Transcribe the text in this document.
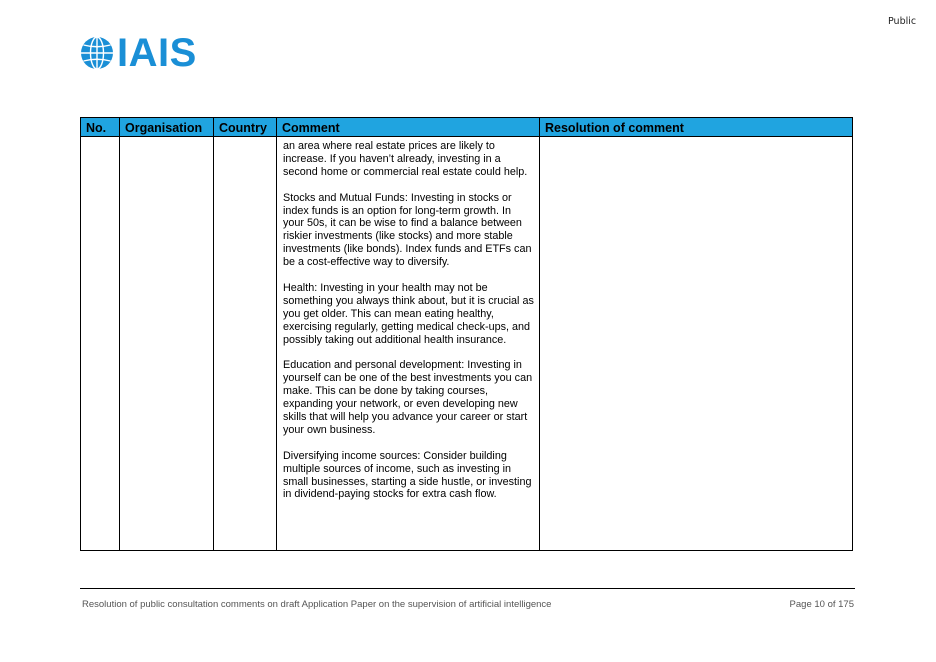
Public
IAIS
No.	Organisation	Country	Comment	Resolution of comment

			an area where real estate prices are likely to increase. If you haven’t already, investing in a second home or commercial real estate could help.

Stocks and Mutual Funds: Investing in stocks or index funds is an option for long-term growth. In your 50s, it can be wise to find a balance between riskier investments (like stocks) and more stable investments (like bonds). Index funds and ETFs can be a cost-effective way to diversify.

Health: Investing in your health may not be something you always think about, but it is crucial as you get older. This can mean eating healthy, exercising regularly, getting medical check-ups, and possibly taking out additional health insurance.

Education and personal development: Investing in yourself can be one of the best investments you can make. This can be done by taking courses, expanding your network, or even developing new skills that will help you advance your career or start your own business.

Diversifying income sources: Consider building multiple sources of income, such as investing in small businesses, starting a side hustle, or investing in dividend-paying stocks for extra cash flow.	

Resolution of public consultation comments on draft Application Paper on the supervision of artificial intelligence	Page 10 of 175
